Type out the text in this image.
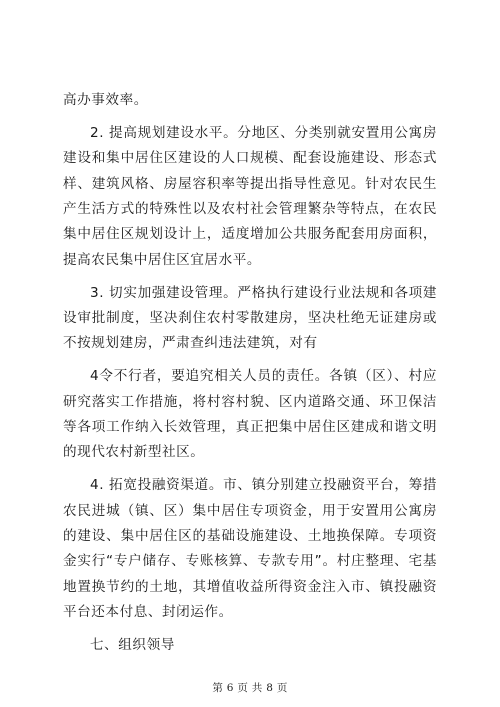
高办事效率。

2. 提高规划建设水平。分地区、分类别就安置用公寓房建设和集中居住区建设的人口规模、配套设施建设、形态式样、建筑风格、房屋容积率等提出指导性意见。针对农民生产生活方式的特殊性以及农村社会管理繁杂等特点，在农民集中居住区规划设计上，适度增加公共服务配套用房面积，提高农民集中居住区宜居水平。

3. 切实加强建设管理。严格执行建设行业法规和各项建设审批制度，坚决刹住农村零散建房，坚决杜绝无证建房或不按规划建房，严肃查纠违法建筑，对有

4令不行者，要追究相关人员的责任。各镇（区）、村应研究落实工作措施，将村容村貌、区内道路交通、环卫保洁等各项工作纳入长效管理，真正把集中居住区建成和谐文明的现代农村新型社区。

4. 拓宽投融资渠道。市、镇分别建立投融资平台，筹措农民进城（镇、区）集中居住专项资金，用于安置用公寓房的建设、集中居住区的基础设施建设、土地换保障。专项资金实行“专户储存、专账核算、专款专用”。村庄整理、宅基地置换节约的土地，其增值收益所得资金注入市、镇投融资平台还本付息、封闭运作。

七、组织领导

第 6 页 共 8 页
